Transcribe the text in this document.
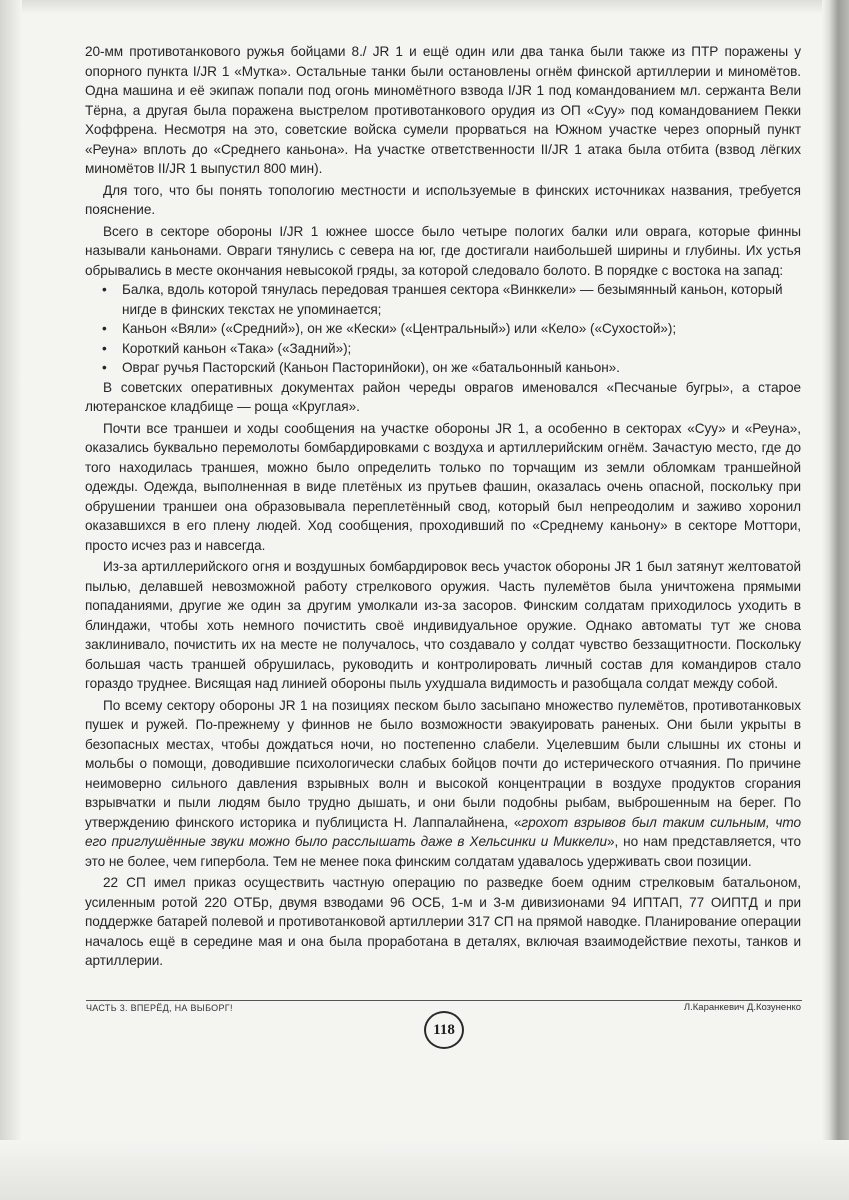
20-мм противотанкового ружья бойцами 8./ JR 1 и ещё один или два танка были также из ПТР поражены у опорного пункта I/JR 1 «Мутка». Остальные танки были остановлены огнём финской артиллерии и миномётов. Одна машина и её экипаж попали под огонь миномётного взвода I/JR 1 под командованием мл. сержанта Вели Тёрна, а другая была поражена выстрелом противотанкового орудия из ОП «Суу» под командованием Пекки Хоффрена. Несмотря на это, советские войска сумели прорваться на Южном участке через опорный пункт «Реуна» вплоть до «Среднего каньона». На участке ответственности II/JR 1 атака была отбита (взвод лёгких миномётов II/JR 1 выпустил 800 мин).

Для того, что бы понять топологию местности и используемые в финских источниках названия, требуется пояснение.

Всего в секторе обороны I/JR 1 южнее шоссе было четыре пологих балки или оврага, которые финны называли каньонами. Овраги тянулись с севера на юг, где достигали наибольшей ширины и глубины. Их устья обрывались в месте окончания невысокой гряды, за которой следовало болото. В порядке с востока на запад:

• Балка, вдоль которой тянулась передовая траншея сектора «Винккели» — безымянный каньон, который нигде в финских текстах не упоминается;
• Каньон «Вяли» («Средний»), он же «Кески» («Центральный») или «Кело» («Сухостой»);
• Короткий каньон «Така» («Задний»);
• Овраг ручья Пасторский (Каньон Пасторинйоки), он же «батальонный каньон».

В советских оперативных документах район череды оврагов именовался «Песчаные бугры», а старое лютеранское кладбище — роща «Круглая».

Почти все траншеи и ходы сообщения на участке обороны JR 1, а особенно в секторах «Суу» и «Реуна», оказались буквально перемолоты бомбардировками с воздуха и артиллерийским огнём. Зачастую место, где до того находилась траншея, можно было определить только по торчащим из земли обломкам траншейной одежды. Одежда, выполненная в виде плетёных из прутьев фашин, оказалась очень опасной, поскольку при обрушении траншеи она образовывала переплетённый свод, который был непреодолим и заживо хоронил оказавшихся в его плену людей. Ход сообщения, проходивший по «Среднему каньону» в секторе Моттори, просто исчез раз и навсегда.

Из-за артиллерийского огня и воздушных бомбардировок весь участок обороны JR 1 был затянут желтоватой пылью, делавшей невозможной работу стрелкового оружия. Часть пулемётов была уничтожена прямыми попаданиями, другие же один за другим умолкали из-за засоров. Финским солдатам приходилось уходить в блиндажи, чтобы хоть немного почистить своё индивидуальное оружие. Однако автоматы тут же снова заклинивало, почистить их на месте не получалось, что создавало у солдат чувство беззащитности. Поскольку большая часть траншей обрушилась, руководить и контролировать личный состав для командиров стало гораздо труднее. Висящая над линией обороны пыль ухудшала видимость и разобщала солдат между собой.

По всему сектору обороны JR 1 на позициях песком было засыпано множество пулемётов, противотанковых пушек и ружей. По-прежнему у финнов не было возможности эвакуировать раненых. Они были укрыты в безопасных местах, чтобы дождаться ночи, но постепенно слабели. Уцелевшим были слышны их стоны и мольбы о помощи, доводившие психологически слабых бойцов почти до истерического отчаяния. По причине неимоверно сильного давления взрывных волн и высокой концентрации в воздухе продуктов сгорания взрывчатки и пыли людям было трудно дышать, и они были подобны рыбам, выброшенным на берег. По утверждению финского историка и публициста Н. Лаппалайнена, «грохот взрывов был таким сильным, что его приглушённые звуки можно было расслышать даже в Хельсинки и Миккели», но нам представляется, что это не более, чем гипербола. Тем не менее пока финским солдатам удавалось удерживать свои позиции.

22 СП имел приказ осуществить частную операцию по разведке боем одним стрелковым батальоном, усиленным ротой 220 ОТБр, двумя взводами 96 ОСБ, 1-м и 3-м дивизионами 94 ИПТАП, 77 ОИПТД и при поддержке батарей полевой и противотанковой артиллерии 317 СП на прямой наводке. Планирование операции началось ещё в середине мая и она была проработана в деталях, включая взаимодействие пехоты, танков и артиллерии.

ЧАСТЬ 3. ВПЕРЁД, НА ВЫБОРГ!	Л.Каранкевич Д.Козуненко
118
